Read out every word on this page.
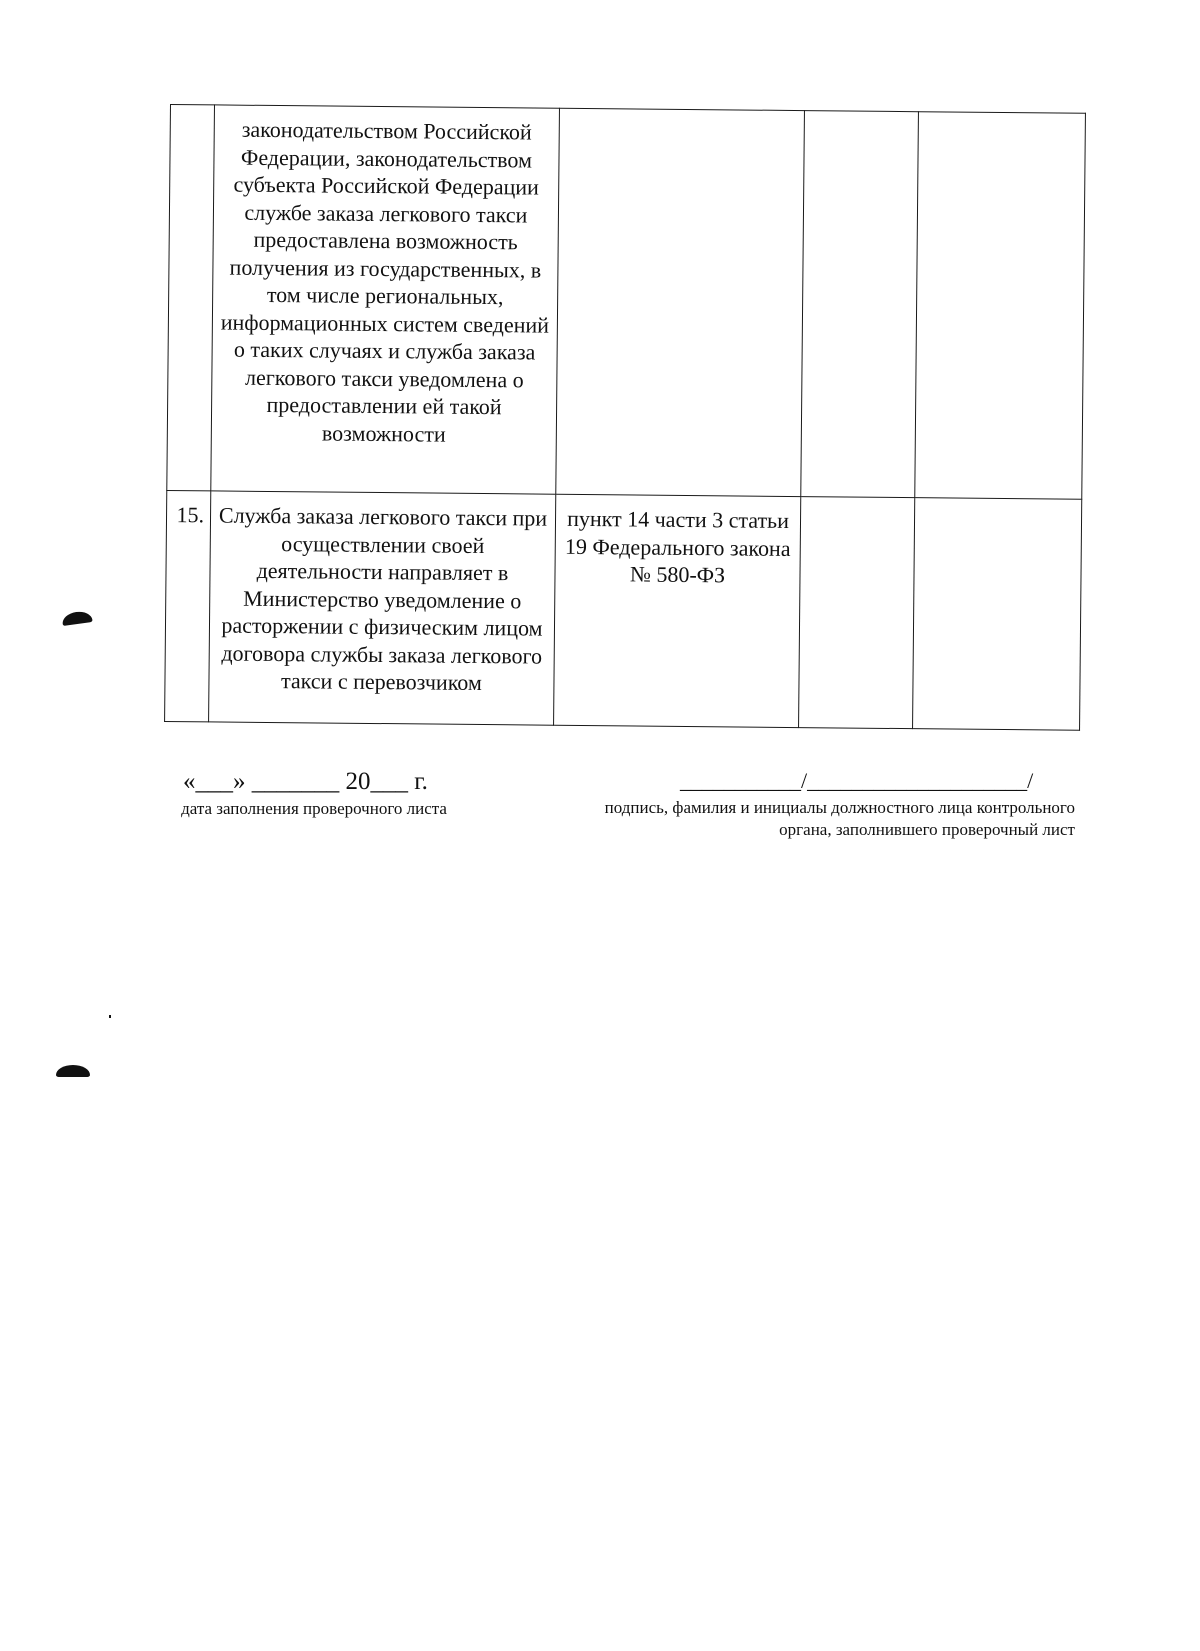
	законодательством Российской Федерации, законодательством субъекта Российской Федерации службе заказа легкового такси предоставлена возможность получения из государственных, в том числе региональных, информационных систем сведений о таких случаях и служба заказа легкового такси уведомлена о предоставлении ей такой возможности			

15.	Служба заказа легкового такси при осуществлении своей деятельности направляет в Министерство уведомление о расторжении с физическим лицом договора службы заказа легкового такси с перевозчиком	пункт 14 части 3 статьи 19 Федерального закона № 580-ФЗ		

«___» _______ 20___ г.
дата заполнения проверочного листа
___________/____________________/
подпись, фамилия и инициалы должностного лица контрольного органа, заполнившего проверочный лист
